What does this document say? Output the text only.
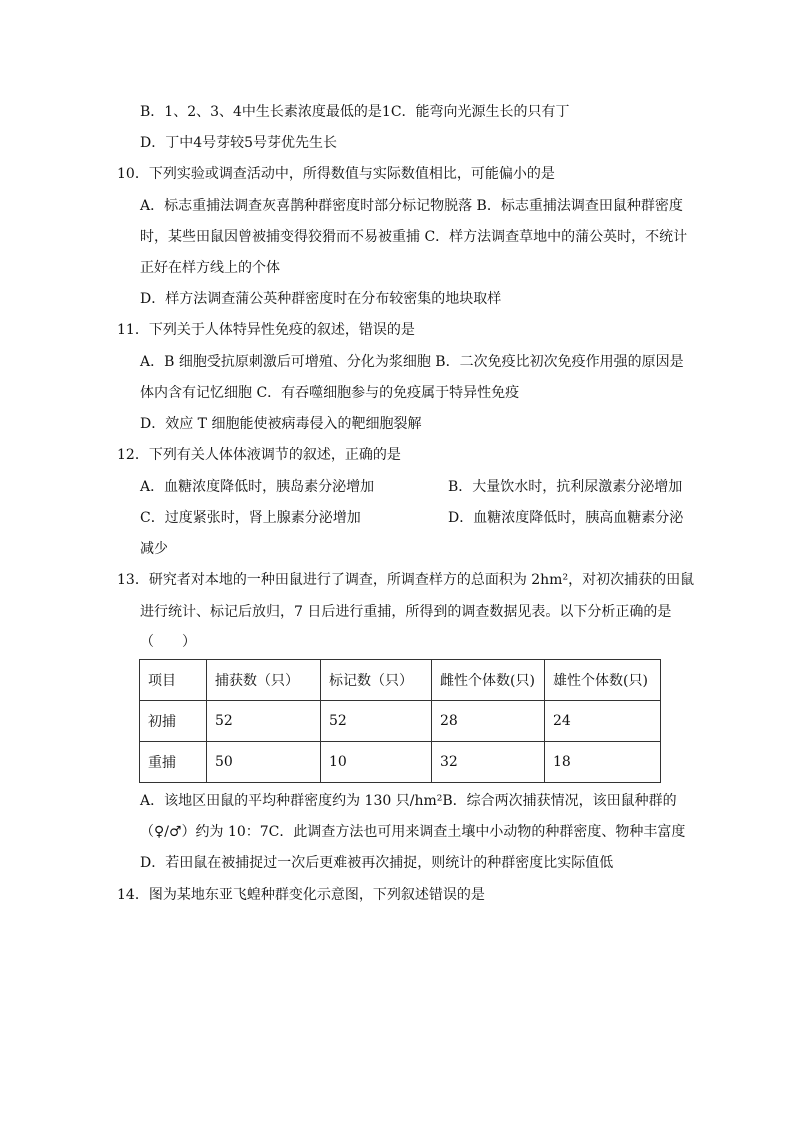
B．1、2、3、4中生长素浓度最低的是1C．能弯向光源生长的只有丁
D．丁中4号芽较5号芽优先生长
10．下列实验或调查活动中，所得数值与实际数值相比，可能偏小的是
A．标志重捕法调查灰喜鹊种群密度时部分标记物脱落 B．标志重捕法调查田鼠种群密度
时，某些田鼠因曾被捕变得狡猾而不易被重捕 C．样方法调查草地中的蒲公英时，不统计
正好在样方线上的个体
D．样方法调查蒲公英种群密度时在分布较密集的地块取样
11．下列关于人体特异性免疫的叙述，错误的是
A．B 细胞受抗原刺激后可增殖、分化为浆细胞 B．二次免疫比初次免疫作用强的原因是
体内含有记忆细胞 C．有吞噬细胞参与的免疫属于特异性免疫
D．效应 T 细胞能使被病毒侵入的靶细胞裂解
12．下列有关人体体液调节的叙述，正确的是
A．血糖浓度降低时，胰岛素分泌增加	B．大量饮水时，抗利尿激素分泌增加
C．过度紧张时，肾上腺素分泌增加	D．血糖浓度降低时，胰高血糖素分泌
减少
13．研究者对本地的一种田鼠进行了调查，所调查样方的总面积为 2hm²，对初次捕获的田鼠
进行统计、标记后放归，7 日后进行重捕，所得到的调查数据见表。以下分析正确的是
（　　）
项目	捕获数（只）	标记数（只）	雌性个体数(只)	雄性个体数(只)
初捕	52	52	28	24
重捕	50	10	32	18
A．该地区田鼠的平均种群密度约为 130 只/hm²B．综合两次捕获情况，该田鼠种群的
（♀/♂）约为 10：7C．此调查方法也可用来调查土壤中小动物的种群密度、物种丰富度
D．若田鼠在被捕捉过一次后更难被再次捕捉，则统计的种群密度比实际值低
14．图为某地东亚飞蝗种群变化示意图，下列叙述错误的是
